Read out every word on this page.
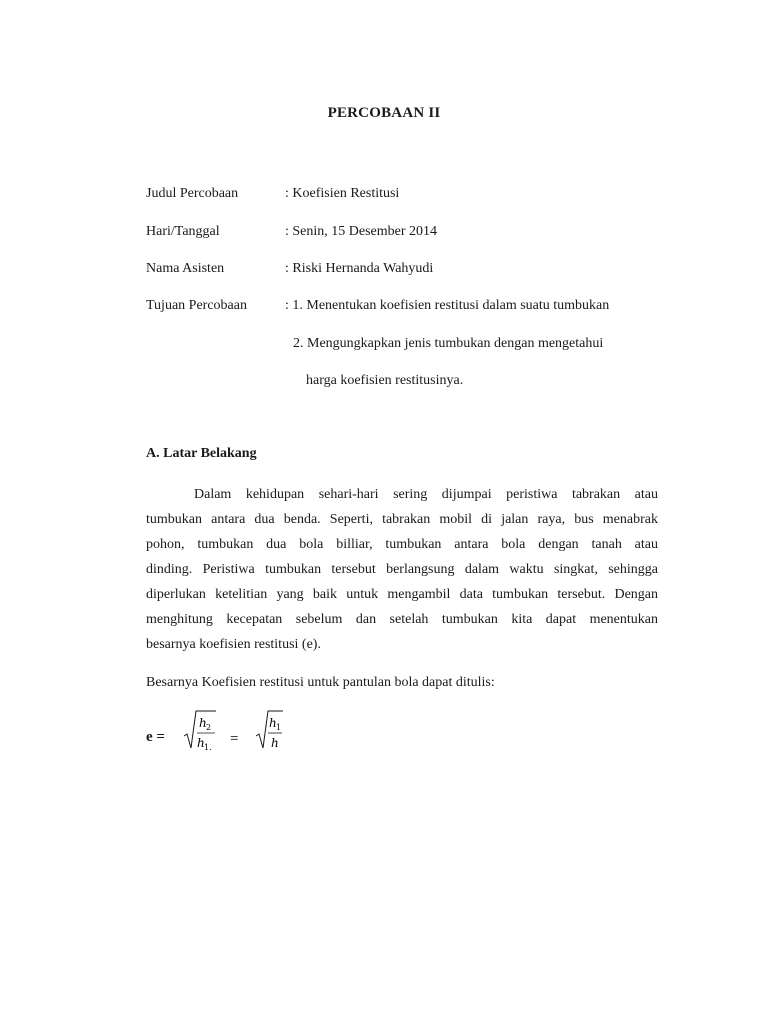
PERCOBAAN II
Judul Percobaan	: Koefisien Restitusi
Hari/Tanggal	: Senin, 15 Desember 2014
Nama Asisten	: Riski Hernanda Wahyudi
Tujuan Percobaan	: 1. Menentukan koefisien restitusi dalam suatu tumbukan
2. Mengungkapkan jenis tumbukan dengan mengetahui
harga koefisien restitusinya.
A. Latar Belakang
Dalam kehidupan sehari-hari sering dijumpai peristiwa tabrakan atau
tumbukan antara dua benda. Seperti, tabrakan mobil di jalan raya, bus menabrak
pohon, tumbukan dua bola billiar, tumbukan antara bola dengan tanah atau
dinding. Peristiwa tumbukan tersebut berlangsung dalam waktu singkat, sehingga
diperlukan ketelitian yang baik untuk mengambil data tumbukan tersebut. Dengan
menghitung kecepatan sebelum dan setelah tumbukan kita dapat menentukan
besarnya koefisien restitusi (e).
Besarnya Koefisien restitusi untuk pantulan bola dapat ditulis:
e =
h 2
h 1.
=
h 1
h
